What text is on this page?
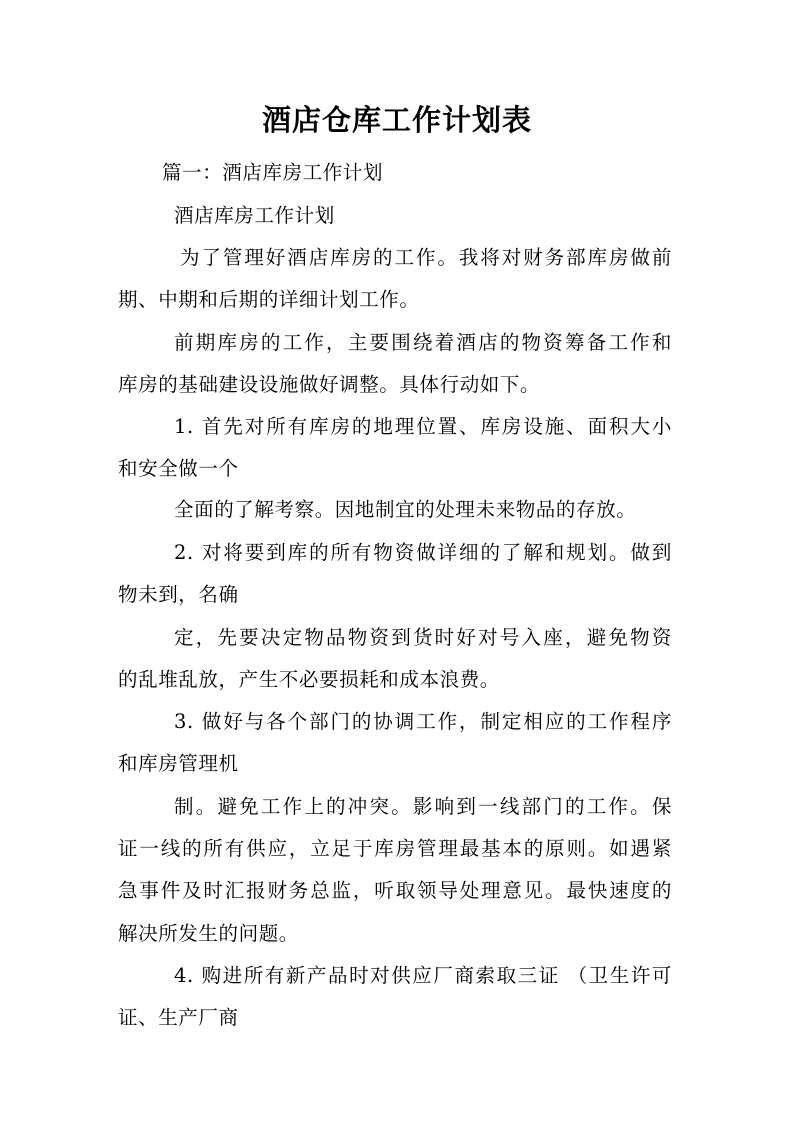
酒店仓库工作计划表
篇一：酒店库房工作计划
酒店库房工作计划
为了管理好酒店库房的工作。我将对财务部库房做前
期、中期和后期的详细计划工作。
前期库房的工作，主要围绕着酒店的物资筹备工作和
库房的基础建设设施做好调整。具体行动如下。
1. 首先对所有库房的地理位置、库房设施、面积大小
和安全做一个
全面的了解考察。因地制宜的处理未来物品的存放。
2. 对将要到库的所有物资做详细的了解和规划。做到
物未到，名确
定，先要决定物品物资到货时好对号入座，避免物资
的乱堆乱放，产生不必要损耗和成本浪费。
3. 做好与各个部门的协调工作，制定相应的工作程序
和库房管理机
制。避免工作上的冲突。影响到一线部门的工作。保
证一线的所有供应，立足于库房管理最基本的原则。如遇紧
急事件及时汇报财务总监，听取领导处理意见。最快速度的
解决所发生的问题。
4. 购进所有新产品时对供应厂商索取三证 （卫生许可
证、生产厂商
